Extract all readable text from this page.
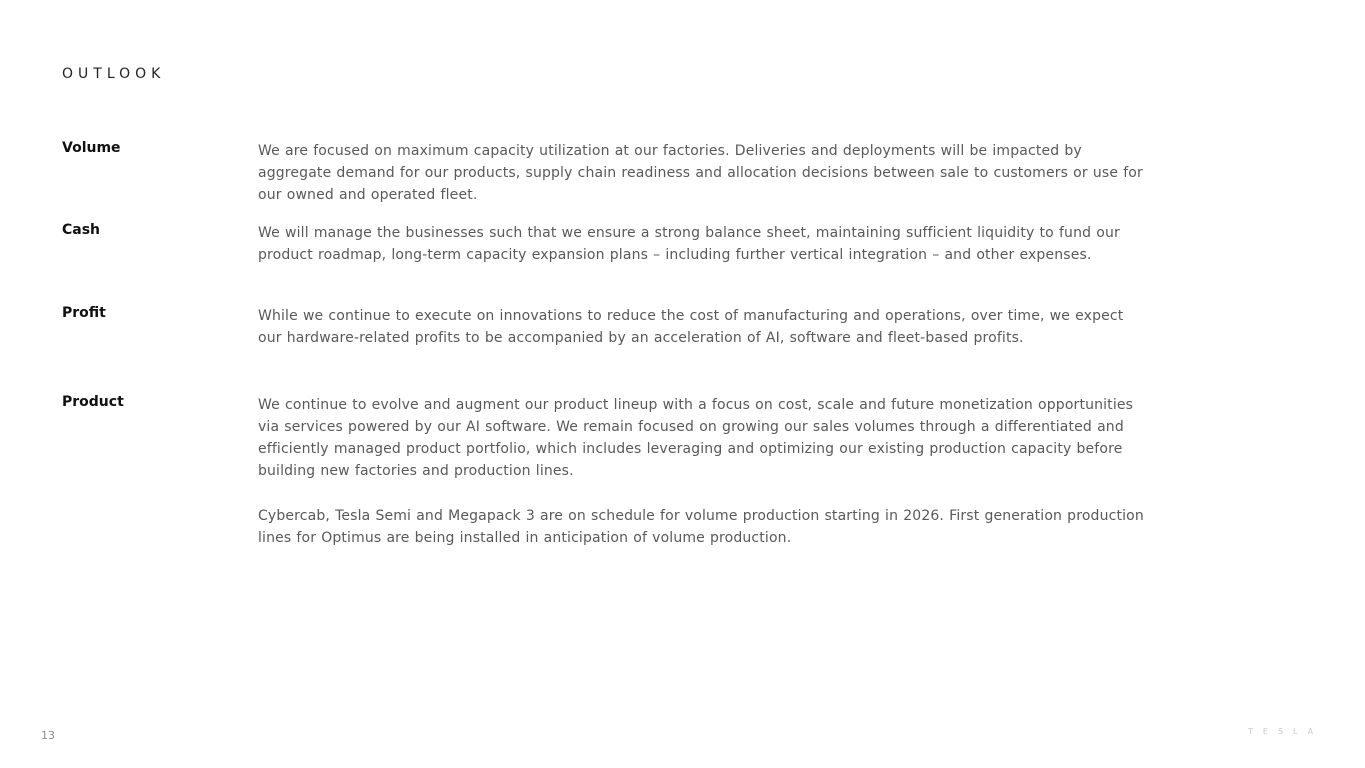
OUTLOOK
Volume	We are focused on maximum capacity utilization at our factories. Deliveries and deployments will be impacted by aggregate demand for our products, supply chain readiness and allocation decisions between sale to customers or use for our owned and operated fleet.

Cash	We will manage the businesses such that we ensure a strong balance sheet, maintaining sufficient liquidity to fund our product roadmap, long-term capacity expansion plans – including further vertical integration – and other expenses.

Profit	While we continue to execute on innovations to reduce the cost of manufacturing and operations, over time, we expect our hardware-related profits to be accompanied by an acceleration of AI, software and fleet-based profits.

Product	We continue to evolve and augment our product lineup with a focus on cost, scale and future monetization opportunities via services powered by our AI software. We remain focused on growing our sales volumes through a differentiated and efficiently managed product portfolio, which includes leveraging and optimizing our existing production capacity before building new factories and production lines.

Cybercab, Tesla Semi and Megapack 3 are on schedule for volume production starting in 2026. First generation production lines for Optimus are being installed in anticipation of volume production.

13	TESLA
